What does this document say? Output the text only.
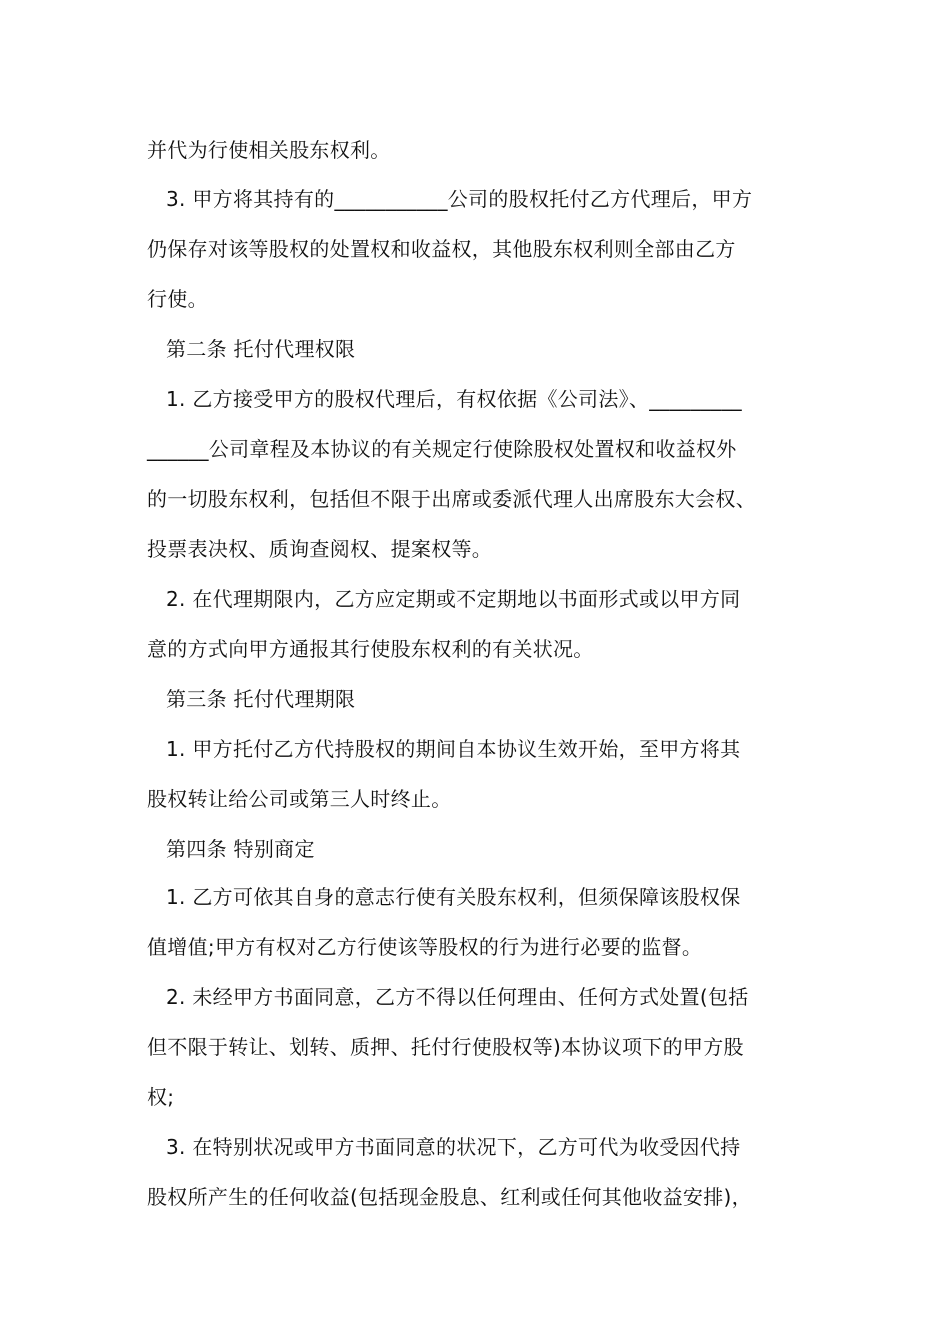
并代为行使相关股东权利。
3. 甲方将其持有的___________公司的股权托付乙方代理后，甲方
仍保存对该等股权的处置权和收益权，其他股东权利则全部由乙方
行使。
第二条 托付代理权限
1. 乙方接受甲方的股权代理后，有权依据《公司法》、_________
______公司章程及本协议的有关规定行使除股权处置权和收益权外
的一切股东权利，包括但不限于出席或委派代理人出席股东大会权、
投票表决权、质询查阅权、提案权等。
2. 在代理期限内，乙方应定期或不定期地以书面形式或以甲方同
意的方式向甲方通报其行使股东权利的有关状况。
第三条 托付代理期限
1. 甲方托付乙方代持股权的期间自本协议生效开始，至甲方将其
股权转让给公司或第三人时终止。
第四条 特别商定
1. 乙方可依其自身的意志行使有关股东权利，但须保障该股权保
值增值;甲方有权对乙方行使该等股权的行为进行必要的监督。
2. 未经甲方书面同意，乙方不得以任何理由、任何方式处置(包括
但不限于转让、划转、质押、托付行使股权等)本协议项下的甲方股
权;
3. 在特别状况或甲方书面同意的状况下，乙方可代为收受因代持
股权所产生的任何收益(包括现金股息、红利或任何其他收益安排)，
